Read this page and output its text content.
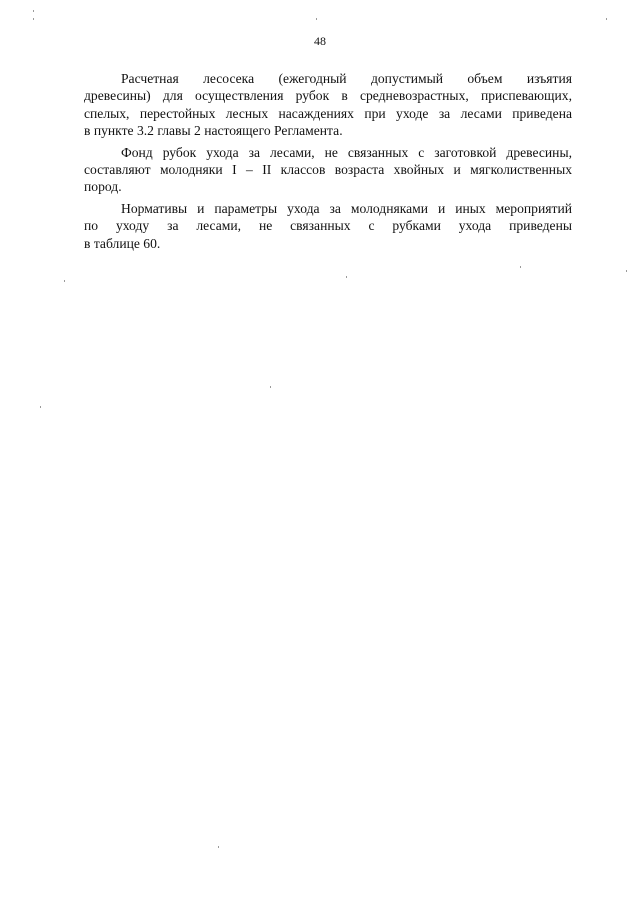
48

Расчетная лесосека (ежегодный допустимый объем изъятия
древесины) для осуществления рубок в средневозрастных, приспевающих,
спелых, перестойных лесных насаждениях при уходе за лесами приведена
в пункте 3.2 главы 2 настоящего Регламента.

Фонд рубок ухода за лесами, не связанных с заготовкой древесины,
составляют молодняки I – II классов возраста хвойных и мягколиственных
пород.

Нормативы и параметры ухода за молодняками и иных мероприятий
по уходу за лесами, не связанных с рубками ухода приведены
в таблице 60.
